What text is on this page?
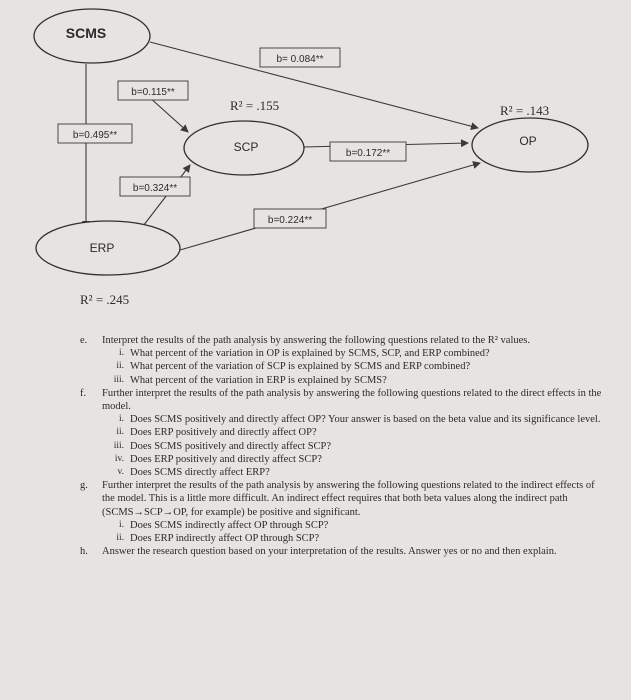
SCMS
SCP	OP
ERP
b= 0.084**
b=0.115**
b=0.495**
b=0.172**
b=0.324**
b=0.224**
R² = .155	R² = .143
R² = .245
e.	Interpret the results of the path analysis by answering the following questions related to the R² values.
i. What percent of the variation in OP is explained by SCMS, SCP, and ERP combined?
ii. What percent of the variation of SCP is explained by SCMS and ERP combined?
iii. What percent of the variation in ERP is explained by SCMS?
f.	Further interpret the results of the path analysis by answering the following questions related to the direct effects in the model.
i. Does SCMS positively and directly affect OP? Your answer is based on the beta value and its significance level.
ii. Does ERP positively and directly affect OP?
iii. Does SCMS positively and directly affect SCP?
iv. Does ERP positively and directly affect SCP?
v. Does SCMS directly affect ERP?
g.	Further interpret the results of the path analysis by answering the following questions related to the indirect effects of the model. This is a little more difficult. An indirect effect requires that both beta values along the indirect path (SCMS→SCP→OP, for example) be positive and significant.
i. Does SCMS indirectly affect OP through SCP?
ii. Does ERP indirectly affect OP through SCP?
h.	Answer the research question based on your interpretation of the results. Answer yes or no and then explain.
